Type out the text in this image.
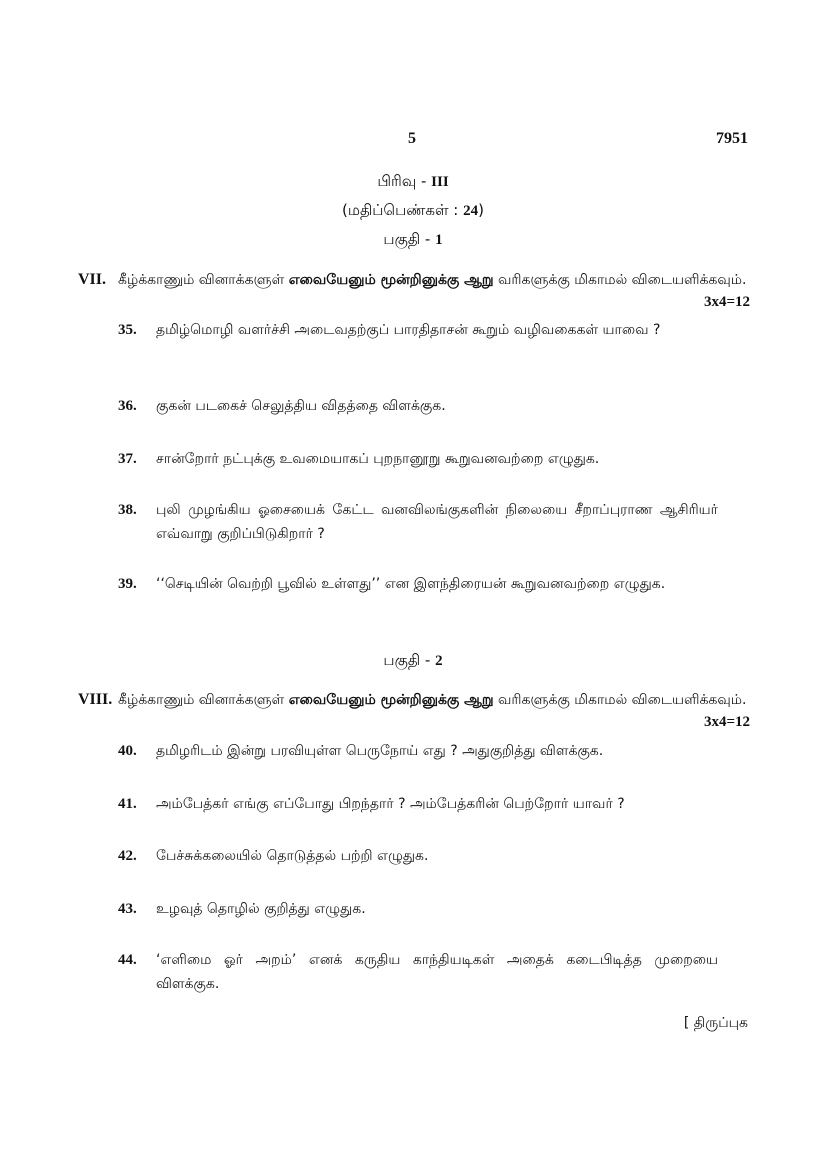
5	7951
பிரிவு - III
(மதிப்பெண்கள் : 24)
பகுதி - 1
VII. கீழ்க்காணும் வினாக்களுள் எவையேனும் மூன்றினுக்கு ஆறு வரிகளுக்கு மிகாமல் விடையளிக்கவும்.
3x4=12
35. தமிழ்மொழி வளர்ச்சி அடைவதற்குப் பாரதிதாசன் கூறும் வழிவகைகள் யாவை ?
36. குகன் படகைச் செலுத்திய விதத்தை விளக்குக.
37. சான்றோர் நட்புக்கு உவமையாகப் புறநானூறு கூறுவனவற்றை எழுதுக.
38. புலி முழங்கிய ஓசையைக் கேட்ட வனவிலங்குகளின் நிலையை சீறாப்புராண ஆசிரியர் எவ்வாறு குறிப்பிடுகிறார் ?
39. ‘‘செடியின் வெற்றி பூவில் உள்ளது’’ என இளந்திரையன் கூறுவனவற்றை எழுதுக.
பகுதி - 2
VIII. கீழ்க்காணும் வினாக்களுள் எவையேனும் மூன்றினுக்கு ஆறு வரிகளுக்கு மிகாமல் விடையளிக்கவும்.
3x4=12
40. தமிழரிடம் இன்று பரவியுள்ள பெருநோய் எது ? அதுகுறித்து விளக்குக.
41. அம்பேத்கர் எங்கு எப்போது பிறந்தார் ? அம்பேத்கரின் பெற்றோர் யாவர் ?
42. பேச்சுக்கலையில் தொடுத்தல் பற்றி எழுதுக.
43. உழவுத் தொழில் குறித்து எழுதுக.
44. ‘எளிமை ஓர் அறம்’ எனக் கருதிய காந்தியடிகள் அதைக் கடைபிடித்த முறையை விளக்குக.
[ திருப்புக
